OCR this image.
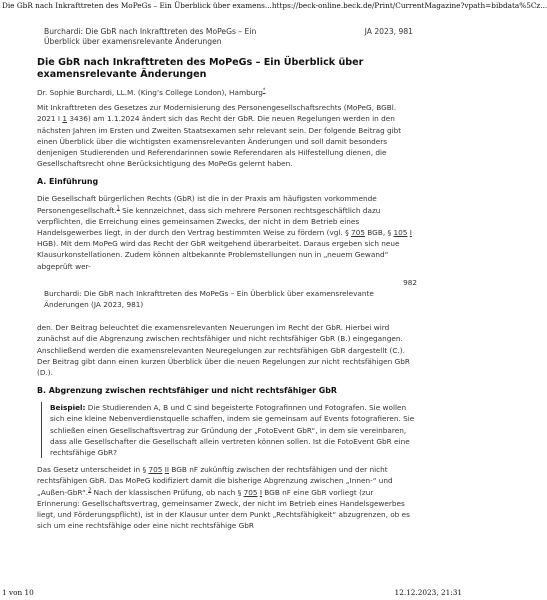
Die GbR nach Inkrafttreten des MoPeGs – Ein Überblick über examens... https://beck-online.beck.de/Print/CurrentMagazine?vpath=bibdata%5Cz...
Burchardi: Die GbR nach Inkrafttreten des MoPeGs – Ein Überblick über examensrelevante Änderungen
JA 2023, 981
Die GbR nach Inkrafttreten des MoPeGs – Ein Überblick über examensrelevante Änderungen

Dr. Sophie Burchardi, LL.M. (King’s College London), Hamburg*

Mit Inkrafttreten des Gesetzes zur Modernisierung des Personengesellschaftsrechts (MoPeG, BGBl. 2021 I 1 3436) am 1.1.2024 ändert sich das Recht der GbR. Die neuen Regelungen werden in den nächsten Jahren im Ersten und Zweiten Staatsexamen sehr relevant sein. Der folgende Beitrag gibt einen Überblick über die wichtigsten examensrelevanten Änderungen und soll damit besonders denjenigen Studierenden und Referendarinnen sowie Referendaren als Hilfestellung dienen, die Gesellschaftsrecht ohne Berücksichtigung des MoPeGs gelernt haben.

A. Einführung

Die Gesellschaft bürgerlichen Rechts (GbR) ist die in der Praxis am häufigsten vorkommende Personengesellschaft.$^1$ Sie kennzeichnet, dass sich mehrere Personen rechtsgeschäftlich dazu verpflichten, die Erreichung eines gemeinsamen Zwecks, der nicht in dem Betrieb eines Handelsgewerbes liegt, in der durch den Vertrag bestimmten Weise zu fördern (vgl. § 705 BGB, § 105 I HGB). Mit dem MoPeG wird das Recht der GbR weitgehend überarbeitet. Daraus ergeben sich neue Klausurkonstellationen. Zudem können altbekannte Problemstellungen nun in „neuem Gewand“ abgeprüft wer-

982
Burchardi: Die GbR nach Inkrafttreten des MoPeGs – Ein Überblick über examensrelevante Änderungen (JA 2023, 981)

den. Der Beitrag beleuchtet die examensrelevanten Neuerungen im Recht der GbR. Hierbei wird zunächst auf die Abgrenzung zwischen rechtsfähiger und nicht rechtsfähiger GbR (B.) eingegangen. Anschließend werden die examensrelevanten Neuregelungen zur rechtsfähigen GbR dargestellt (C.). Der Beitrag gibt dann einen kurzen Überblick über die neuen Regelungen zur nicht rechtsfähigen GbR (D.).

B. Abgrenzung zwischen rechtsfähiger und nicht rechtsfähiger GbR

Beispiel: Die Studierenden A, B und C sind begeisterte Fotografinnen und Fotografen. Sie wollen sich eine kleine Nebenverdienstquelle schaffen, indem sie gemeinsam auf Events fotografieren. Sie schließen einen Gesellschaftsvertrag zur Gründung der „FotoEvent GbR“, in dem sie vereinbaren, dass alle Gesellschafter die Gesellschaft allein vertreten können sollen. Ist die FotoEvent GbR eine rechtsfähige GbR?

Das Gesetz unterscheidet in § 705 II BGB nF zukünftig zwischen der rechtsfähigen und der nicht rechtsfähigen GbR. Das MoPeG kodifiziert damit die bisherige Abgrenzung zwischen „Innen-“ und „Außen-GbR“.$^2$ Nach der klassischen Prüfung, ob nach § 705 I BGB nF eine GbR vorliegt (zur Erinnerung: Gesellschaftsvertrag, gemeinsamer Zweck, der nicht im Betrieb eines Handelsgewerbes liegt, und Förderungspflicht), ist in der Klausur unter dem Punkt „Rechtsfähigkeit“ abzugrenzen, ob es sich um eine rechtsfähige oder eine nicht rechtsfähige GbR

1 von 10	12.12.2023, 21:31
